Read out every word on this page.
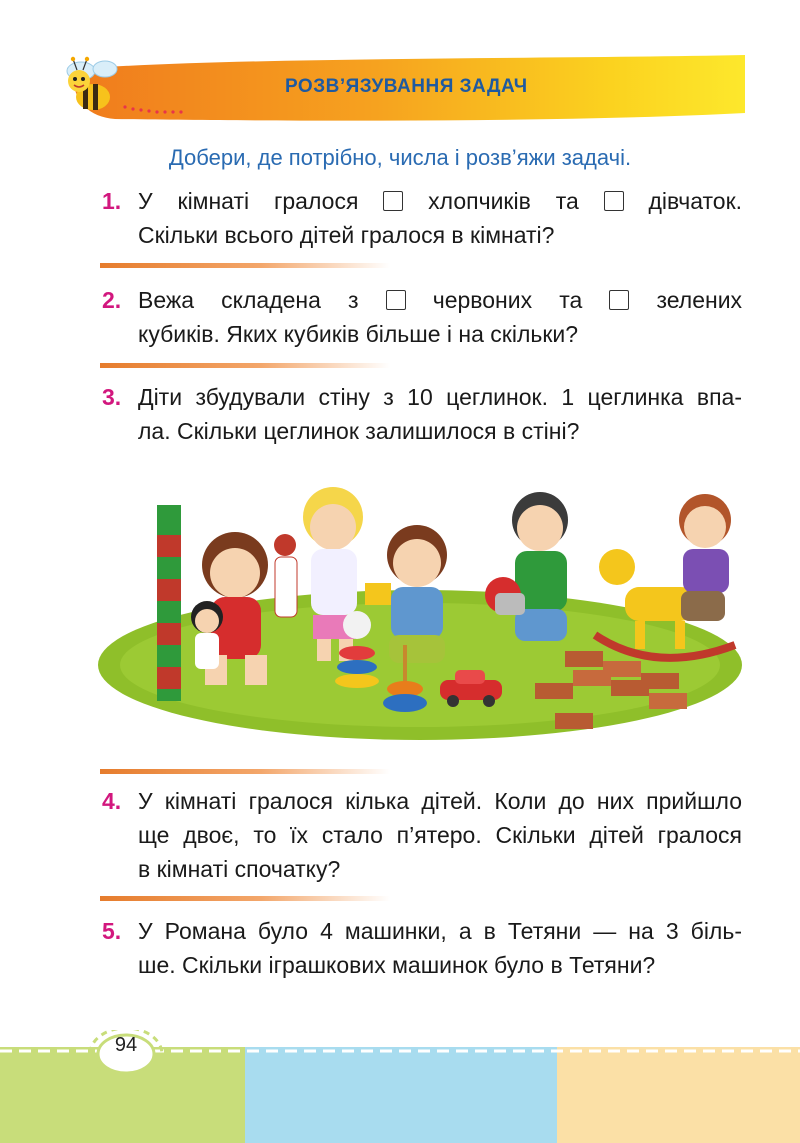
РОЗВ’ЯЗУВАННЯ ЗАДАЧ
Добери, де потрібно, числа і розв’яжи задачі.
1. У кімнаті гралося	хлопчиків та	дівчаток.
Скільки всього дітей гралося в кімнаті?
2. Вежа складена з	червоних та	зелених
кубиків. Яких кубиків більше і на скільки?
3. Діти збудували стіну з 10 цеглинок. 1 цеглинка впа-
ла. Скільки цеглинок залишилося в стіні?
4. У кімнаті гралося кілька дітей. Коли до них прийшло
ще двоє, то їх стало п’ятеро. Скільки дітей гралося
в кімнаті спочатку?
5. У Романа було 4 машинки, а в Тетяни — на 3 біль-
ше. Скільки іграшкових машинок було в Тетяни?
94
